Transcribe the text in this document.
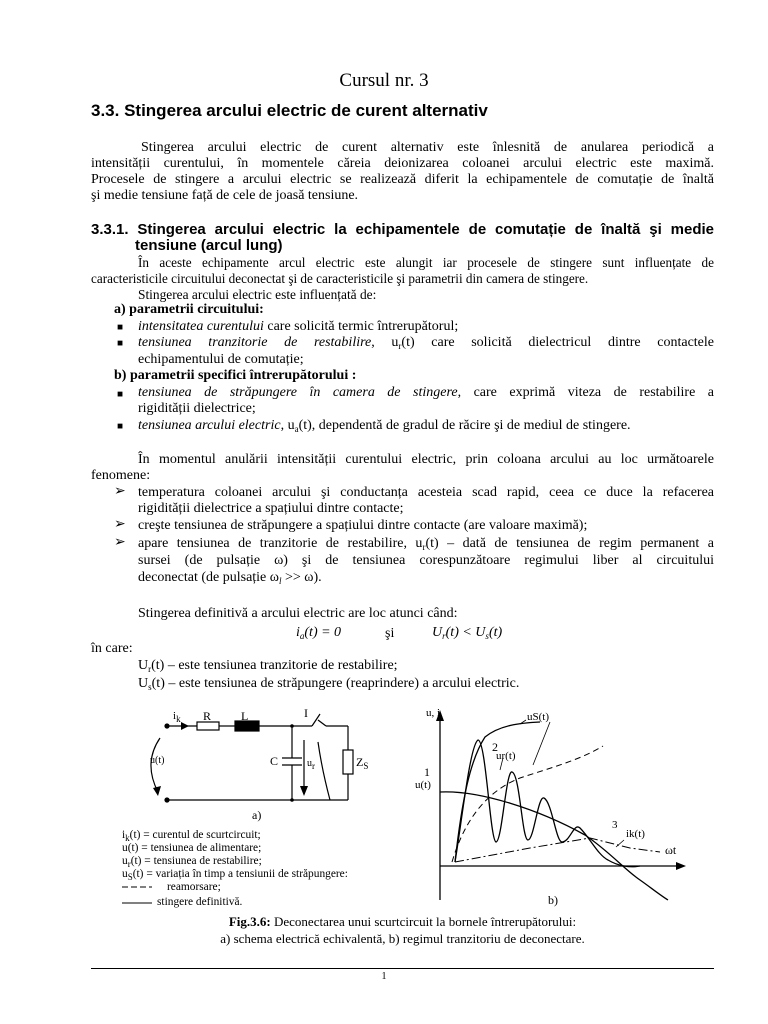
Cursul nr. 3
3.3. Stingerea arcului electric de curent alternativ
Stingerea arcului electric de curent alternativ este înlesnită de anularea periodică a
intensității curentului, în momentele căreia deionizarea coloanei arcului electric este maximă.
Procesele de stingere a arcului electric se realizează diferit la echipamentele de comutație de înaltă
şi medie tensiune față de cele de joasă tensiune.
3.3.1. Stingerea arcului electric la echipamentele de comutație de înaltă şi medie
tensiune (arcul lung)
În aceste echipamente arcul electric este alungit iar procesele de stingere sunt influențate de
caracteristicile circuitului deconectat şi de caracteristicile şi parametrii din camera de stingere.
Stingerea arcului electric este influențată de:
a) parametrii circuitului:
■ intensitatea curentului care solicită termic întrerupătorul;
■ tensiunea tranzitorie de restabilire, $u_r(t)$ care solicită dielectricul dintre contactele
echipamentului de comutație;
b) parametrii specifici întrerupătorului :
■ tensiunea de străpungere în camera de stingere, care exprimă viteza de restabilire a
rigidității dielectrice;
■ tensiunea arcului electric, $u_a(t)$, dependentă de gradul de răcire şi de mediul de stingere.
În momentul anulării intensității curentului electric, prin coloana arcului au loc următoarele
fenomene:
➢ temperatura coloanei arcului şi conductanța acesteia scad rapid, ceea ce duce la refacerea
rigidității dielectrice a spațiului dintre contacte;
➢ creşte tensiunea de străpungere a spațiului dintre contacte (are valoare maximă);
➢ apare tensiunea de tranzitorie de restabilire, $u_r(t)$ – dată de tensiunea de regim permanent a
sursei (de pulsație ω) şi de tensiunea corespunzătoare regimului liber al circuitului
deconectat (de pulsație $\omega_l >> \omega$).
Stingerea definitivă a arcului electric are loc atunci când:
$i_a(t) = 0$	şi	$U_r(t) < U_s(t)$
în care:
$U_r(t)$ – este tensiunea tranzitorie de restabilire;
$U_s(t)$ – este tensiunea de străpungere (reaprindere) a arcului electric.
$i_k$ R L	I
C	$u_r$	$Z_S$
u(t)
a)
$i_k(t)$ = curentul de scurtcircuit;
u(t) = tensiunea de alimentare;
$u_r(t)$ = tensiunea de restabilire;
$u_S(t)$ = variația în timp a tensiunii de străpungere:
reamorsare;
stingere definitivă.
u, i	uS(t)
2
ur(t)
1
u(t)
3
ik(t)
ωt
b)
Fig.3.6: Deconectarea unui scurtcircuit la bornele întrerupătorului:
a) schema electrică echivalentă, b) regimul tranzitoriu de deconectare.
1
